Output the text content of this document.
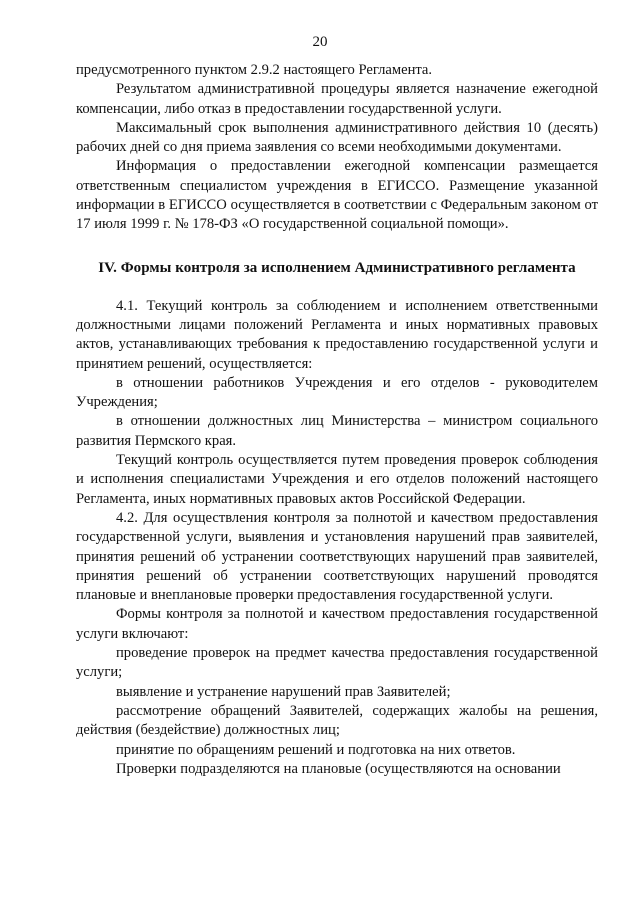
20

предусмотренного пунктом 2.9.2 настоящего Регламента.

Результатом административной процедуры является назначение ежегодной компенсации, либо отказ в предоставлении государственной услуги.

Максимальный срок выполнения административного действия 10 (десять) рабочих дней со дня приема заявления со всеми необходимыми документами.

Информация о предоставлении ежегодной компенсации размещается ответственным специалистом учреждения в ЕГИССО. Размещение указанной информации в ЕГИССО осуществляется в соответствии с Федеральным законом от 17 июля 1999 г. № 178-ФЗ «О государственной социальной помощи».

IV. Формы контроля за исполнением Административного регламента

4.1. Текущий контроль за соблюдением и исполнением ответственными должностными лицами положений Регламента и иных нормативных правовых актов, устанавливающих требования к предоставлению государственной услуги и принятием решений, осуществляется:

в отношении работников Учреждения и его отделов - руководителем Учреждения;

в отношении должностных лиц Министерства – министром социального развития Пермского края.

Текущий контроль осуществляется путем проведения проверок соблюдения и исполнения специалистами Учреждения и его отделов положений настоящего Регламента, иных нормативных правовых актов Российской Федерации.

4.2. Для осуществления контроля за полнотой и качеством предоставления государственной услуги, выявления и установления нарушений прав заявителей, принятия решений об устранении соответствующих нарушений прав заявителей, принятия решений об устранении соответствующих нарушений проводятся плановые и внеплановые проверки предоставления государственной услуги.

Формы контроля за полнотой и качеством предоставления государственной услуги включают:

проведение проверок на предмет качества предоставления государственной услуги;

выявление и устранение нарушений прав Заявителей;

рассмотрение обращений Заявителей, содержащих жалобы на решения, действия (бездействие) должностных лиц;

принятие по обращениям решений и подготовка на них ответов.

Проверки подразделяются на плановые (осуществляются на основании
